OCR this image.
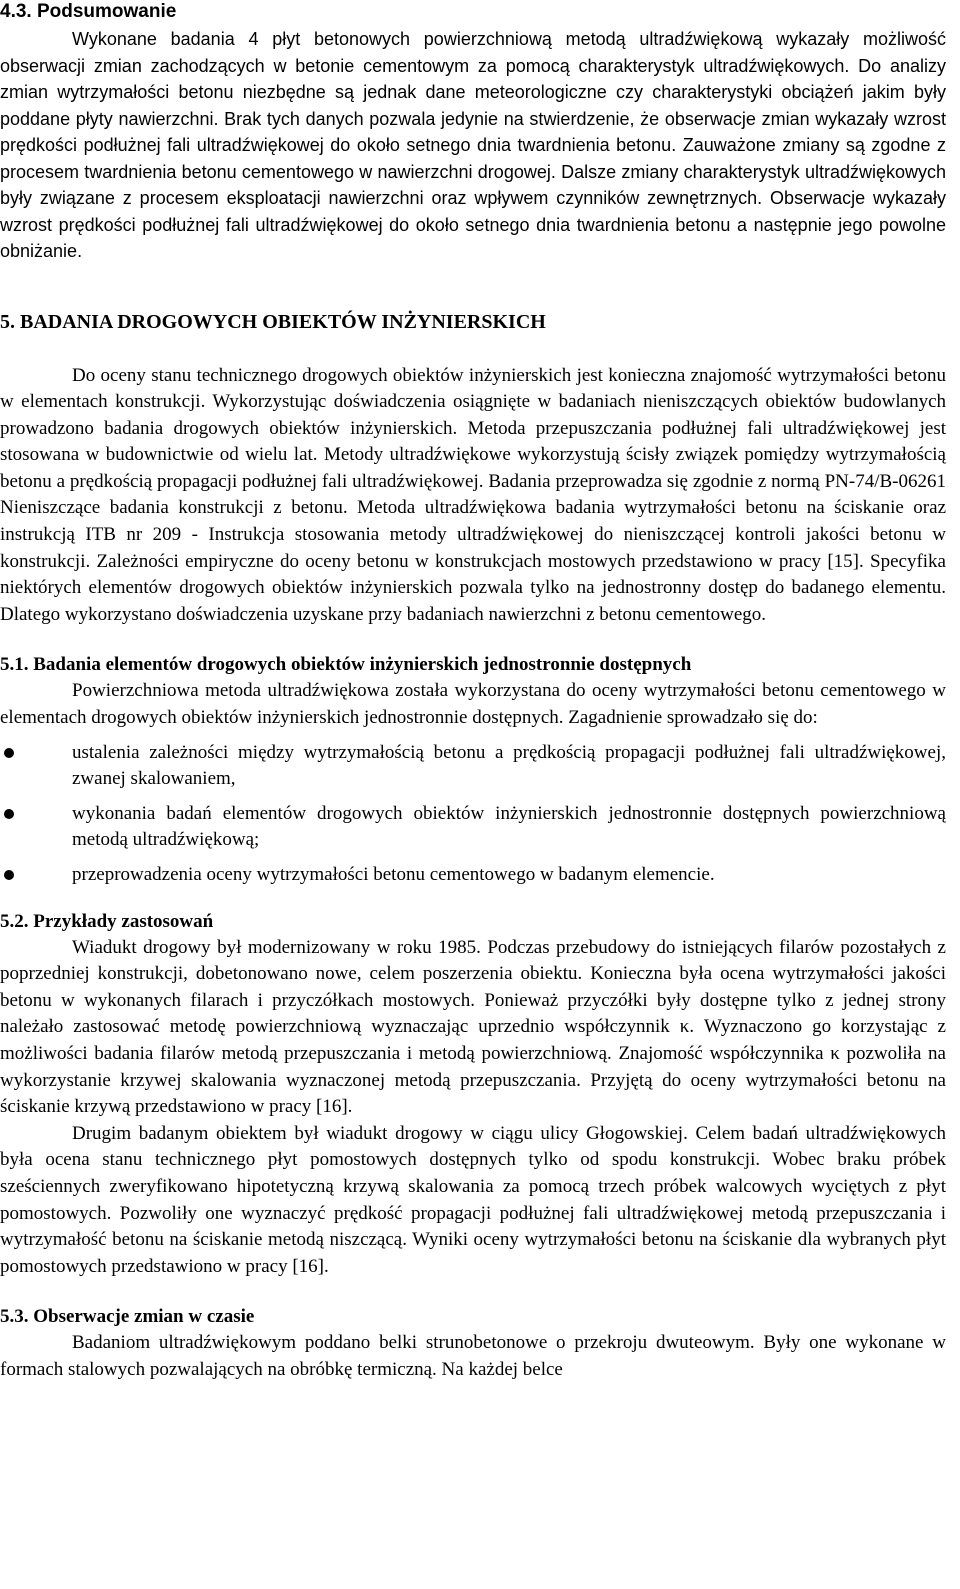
4.3. Podsumowanie

Wykonane badania 4 płyt betonowych powierzchniową metodą ultradźwiękową wykazały możliwość obserwacji zmian zachodzących w betonie cementowym za pomocą charakterystyk ultradźwiękowych. Do analizy zmian wytrzymałości betonu niezbędne są jednak dane meteorologiczne czy charakterystyki obciążeń jakim były poddane płyty nawierzchni. Brak tych danych pozwala jedynie na stwierdzenie, że obserwacje zmian wykazały wzrost prędkości podłużnej fali ultradźwiękowej do około setnego dnia twardnienia betonu. Zauważone zmiany są zgodne z procesem twardnienia betonu cementowego w nawierzchni drogowej. Dalsze zmiany charakterystyk ultradźwiękowych były związane z procesem eksploatacji nawierzchni oraz wpływem czynników zewnętrznych. Obserwacje wykazały wzrost prędkości podłużnej fali ultradźwiękowej do około setnego dnia twardnienia betonu a następnie jego powolne obniżanie.

5. BADANIA DROGOWYCH OBIEKTÓW INŻYNIERSKICH

Do oceny stanu technicznego drogowych obiektów inżynierskich jest konieczna znajomość wytrzymałości betonu w elementach konstrukcji. Wykorzystując doświadczenia osiągnięte w badaniach nieniszczących obiektów budowlanych prowadzono badania drogowych obiektów inżynierskich. Metoda przepuszczania podłużnej fali ultradźwiękowej jest stosowana w budownictwie od wielu lat. Metody ultradźwiękowe wykorzystują ścisły związek pomiędzy wytrzymałością betonu a prędkością propagacji podłużnej fali ultradźwiękowej. Badania przeprowadza się zgodnie z normą PN-74/B-06261 Nieniszczące badania konstrukcji z betonu. Metoda ultradźwiękowa badania wytrzymałości betonu na ściskanie oraz instrukcją ITB nr 209 - Instrukcja stosowania metody ultradźwiękowej do nieniszczącej kontroli jakości betonu w konstrukcji. Zależności empiryczne do oceny betonu w konstrukcjach mostowych przedstawiono w pracy [15]. Specyfika niektórych elementów drogowych obiektów inżynierskich pozwala tylko na jednostronny dostęp do badanego elementu. Dlatego wykorzystano doświadczenia uzyskane przy badaniach nawierzchni z betonu cementowego.

5.1. Badania elementów drogowych obiektów inżynierskich jednostronnie dostępnych

Powierzchniowa metoda ultradźwiękowa została wykorzystana do oceny wytrzymałości betonu cementowego w elementach drogowych obiektów inżynierskich jednostronnie dostępnych. Zagadnienie sprowadzało się do:

ustalenia zależności między wytrzymałością betonu a prędkością propagacji podłużnej fali ultradźwiękowej, zwanej skalowaniem,
wykonania badań elementów drogowych obiektów inżynierskich jednostronnie dostępnych powierzchniową metodą ultradźwiękową;
przeprowadzenia oceny wytrzymałości betonu cementowego w badanym elemencie.
5.2. Przykłady zastosowań

Wiadukt drogowy był modernizowany w roku 1985. Podczas przebudowy do istniejących filarów pozostałych z poprzedniej konstrukcji, dobetonowano nowe, celem poszerzenia obiektu. Konieczna była ocena wytrzymałości jakości betonu w wykonanych filarach i przyczółkach mostowych. Ponieważ przyczółki były dostępne tylko z jednej strony należało zastosować metodę powierzchniową wyznaczając uprzednio współczynnik κ. Wyznaczono go korzystając z możliwości badania filarów metodą przepuszczania i metodą powierzchniową. Znajomość współczynnika κ pozwoliła na wykorzystanie krzywej skalowania wyznaczonej metodą przepuszczania. Przyjętą do oceny wytrzymałości betonu na ściskanie krzywą przedstawiono w pracy [16].

Drugim badanym obiektem był wiadukt drogowy w ciągu ulicy Głogowskiej. Celem badań ultradźwiękowych była ocena stanu technicznego płyt pomostowych dostępnych tylko od spodu konstrukcji. Wobec braku próbek sześciennych zweryfikowano hipotetyczną krzywą skalowania za pomocą trzech próbek walcowych wyciętych z płyt pomostowych. Pozwoliły one wyznaczyć prędkość propagacji podłużnej fali ultradźwiękowej metodą przepuszczania i wytrzymałość betonu na ściskanie metodą niszczącą. Wyniki oceny wytrzymałości betonu na ściskanie dla wybranych płyt pomostowych przedstawiono w pracy [16].

5.3. Obserwacje zmian w czasie

Badaniom ultradźwiękowym poddano belki strunobetonowe o przekroju dwuteowym. Były one wykonane w formach stalowych pozwalających na obróbkę termiczną. Na każdej belce
